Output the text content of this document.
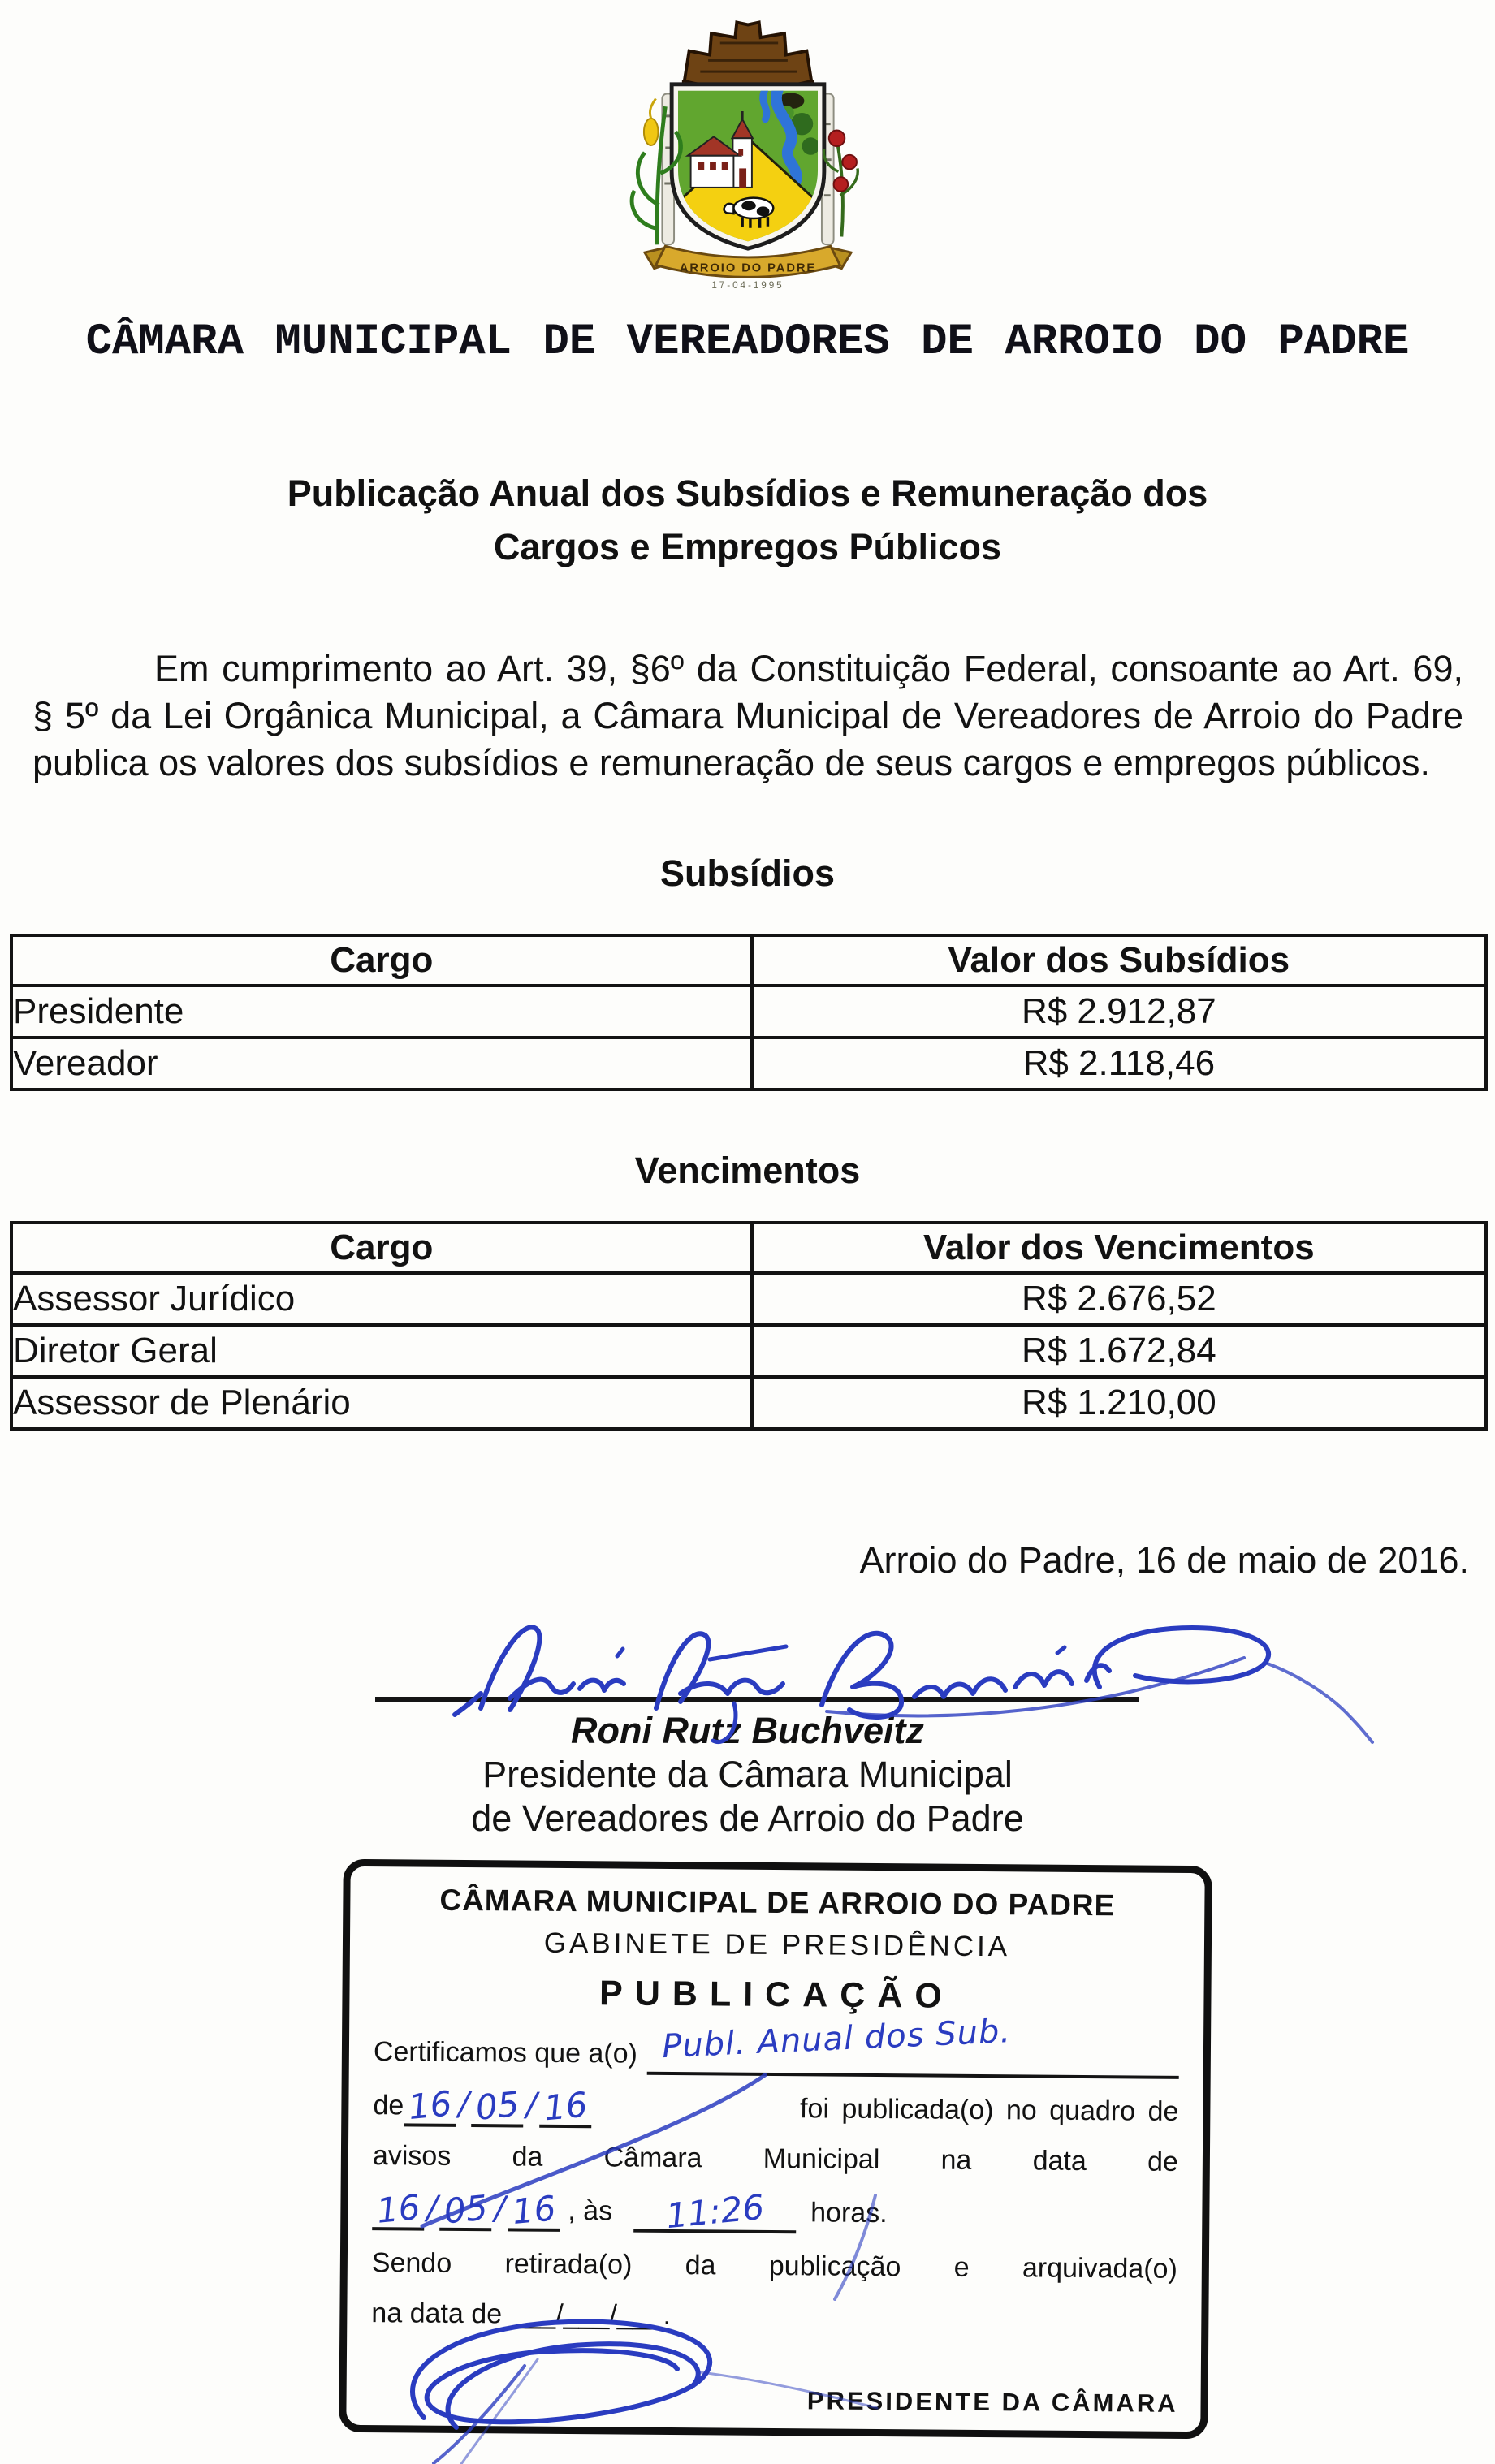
ARROIO DO PADRE
17-04-1995
CÂMARA MUNICIPAL DE VEREADORES DE ARROIO DO PADRE
Publicação Anual dos Subsídios e Remuneração dos
Cargos e Empregos Públicos
Em cumprimento ao Art. 39, §6º da Constituição Federal, consoante ao Art. 69, § 5º da Lei Orgânica Municipal, a Câmara Municipal de Vereadores de Arroio do Padre publica os valores dos subsídios e remuneração de seus cargos e empregos públicos.
Subsídios
Cargo	Valor dos Subsídios
Presidente	R$ 2.912,87
Vereador	R$ 2.118,46
Vencimentos
Cargo	Valor dos Vencimentos
Assessor Jurídico	R$ 2.676,52
Diretor Geral	R$ 1.672,84
Assessor de Plenário	R$ 1.210,00
Arroio do Padre, 16 de maio de 2016.
Roni Rutz Buchveitz
Presidente da Câmara Municipal
de Vereadores de Arroio do Padre
CÂMARA MUNICIPAL DE ARROIO DO PADRE
GABINETE DE PRESIDÊNCIA
PUBLICAÇÃO
Certificamos que a(o) Publ. Anual dos Sub.
de 16 / 05 / 16	foi publicada(o) no quadro de
avisos da Câmara Municipal na data de
16 / 05 / 16 , às	11:26	horas.
Sendo retirada(o) da publicação e arquivada(o)
na data de ___/___/___.
PRESIDENTE DA CÂMARA
